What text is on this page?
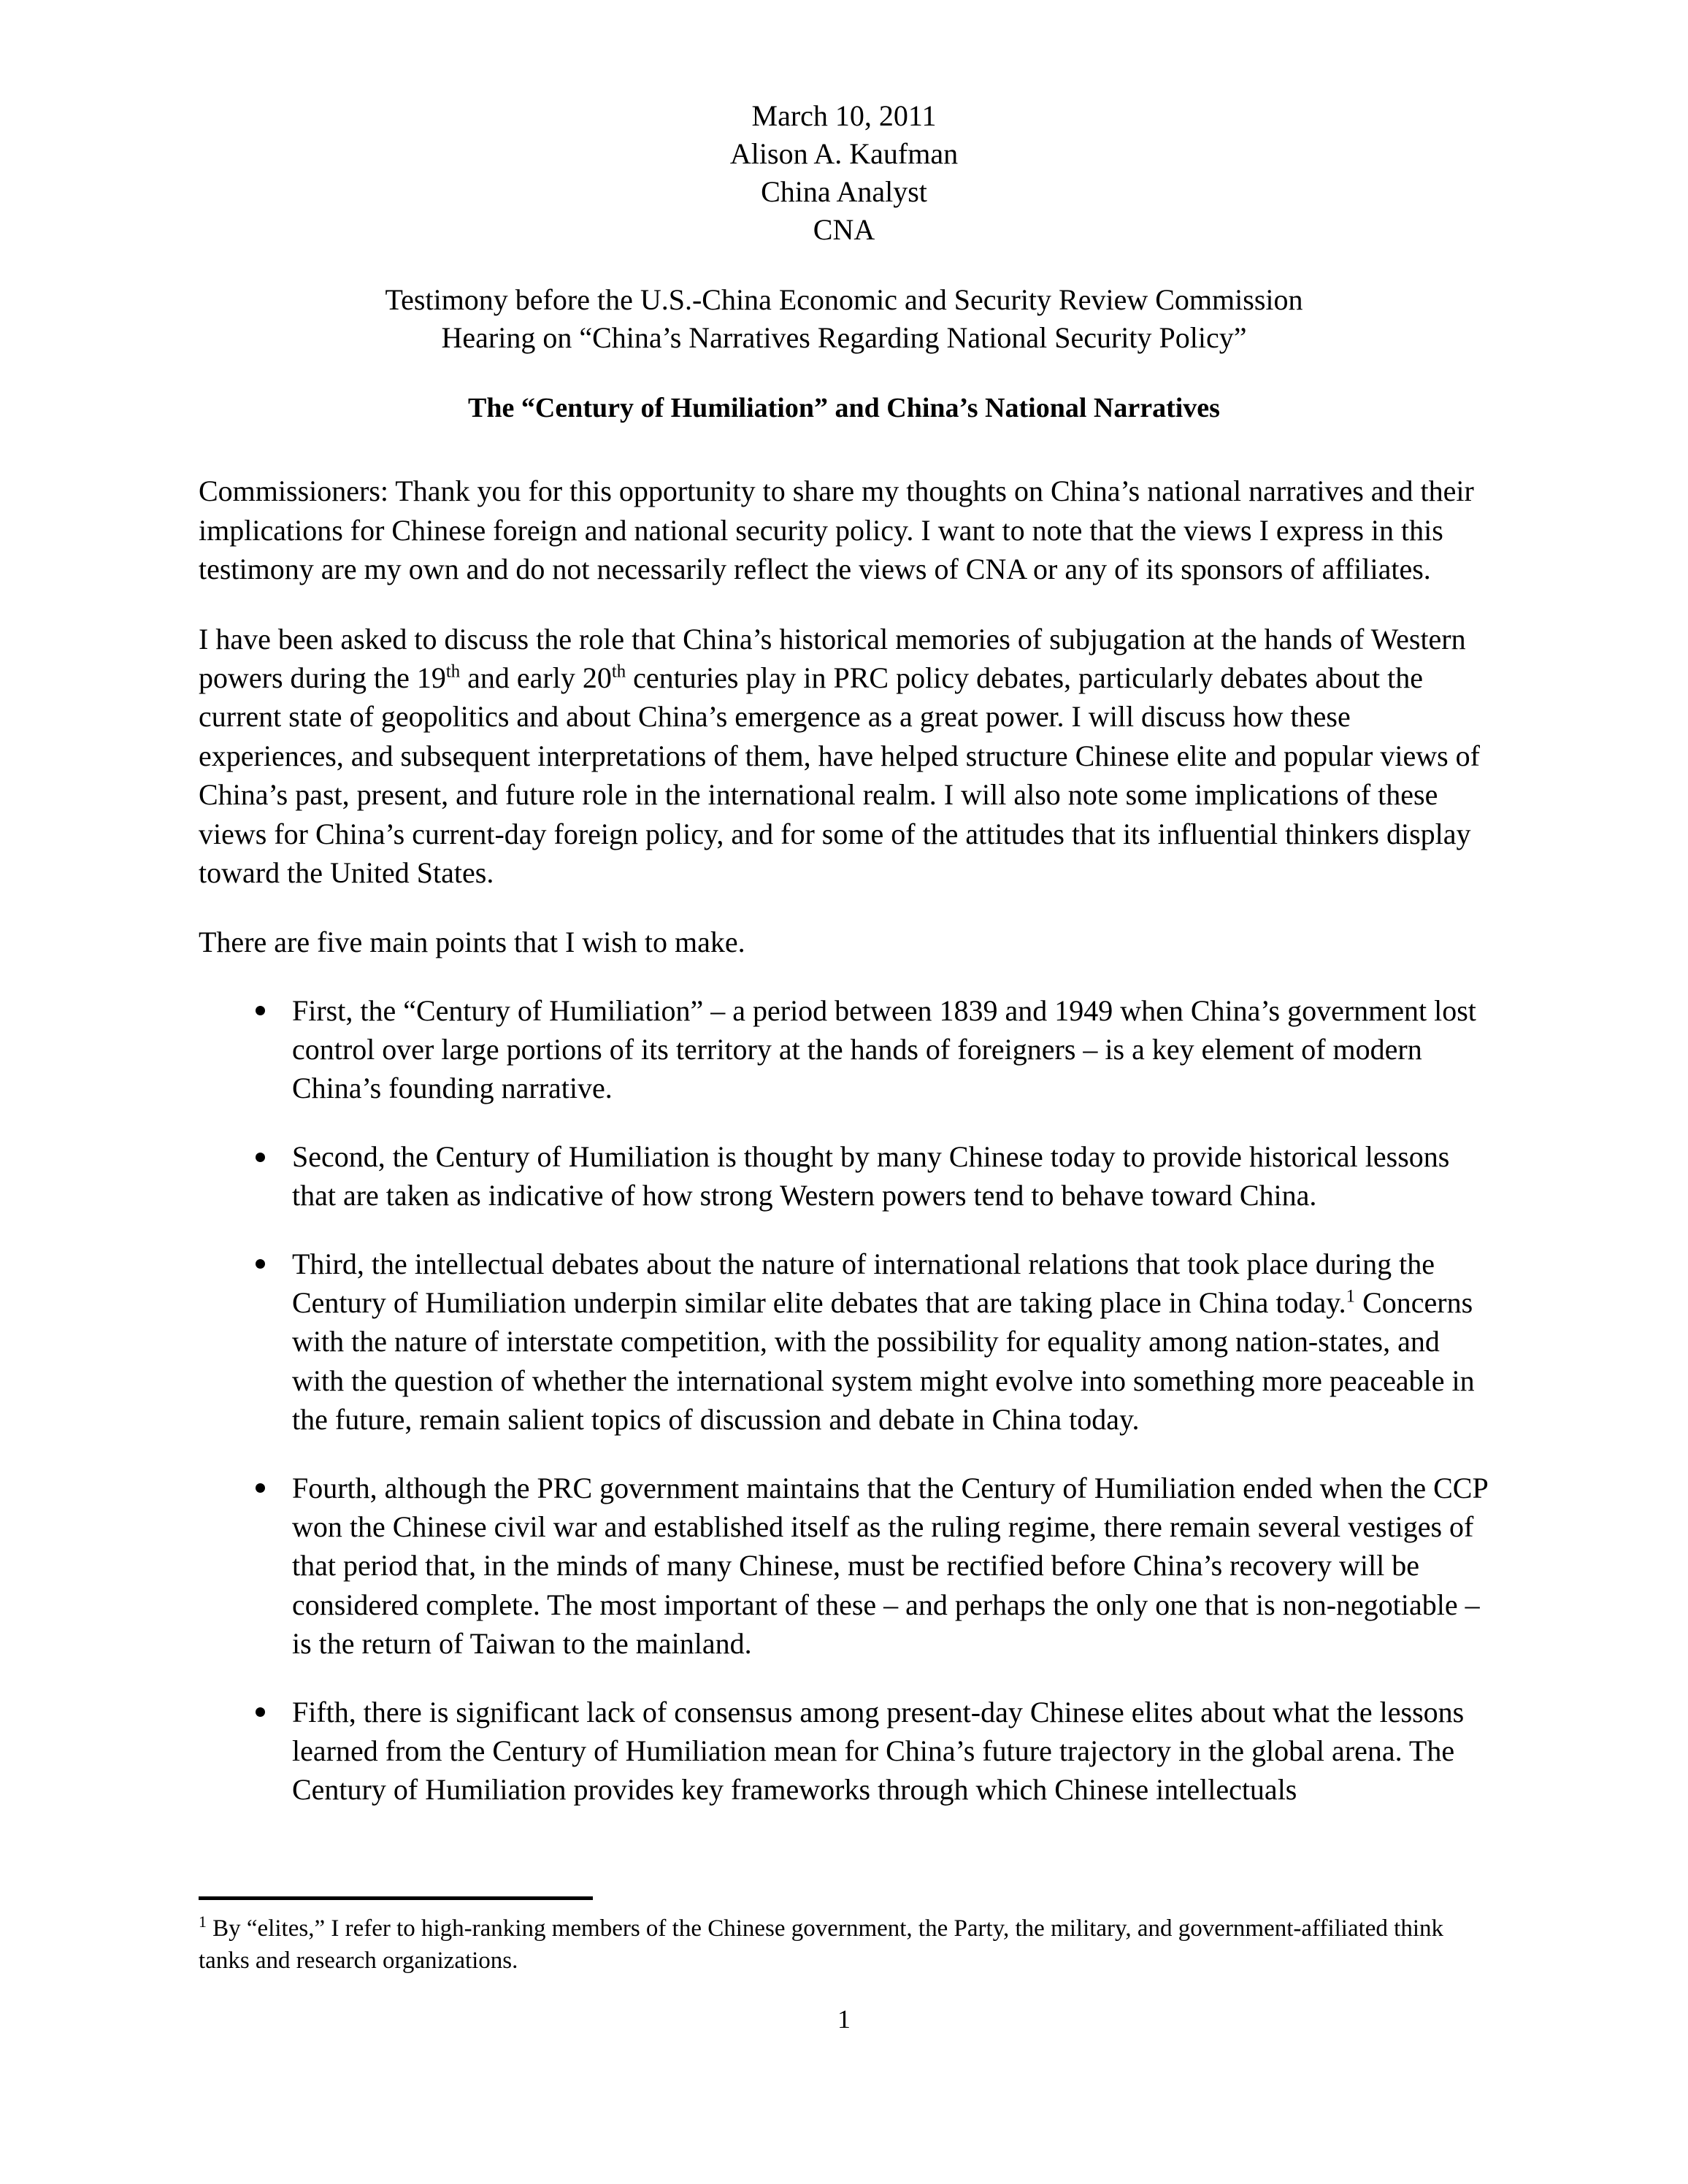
March 10, 2011
Alison A. Kaufman
China Analyst
CNA
Testimony before the U.S.-China Economic and Security Review Commission
Hearing on “China’s Narratives Regarding National Security Policy”
The “Century of Humiliation” and China’s National Narratives

Commissioners: Thank you for this opportunity to share my thoughts on China’s national narratives and their implications for Chinese foreign and national security policy. I want to note that the views I express in this testimony are my own and do not necessarily reflect the views of CNA or any of its sponsors of affiliates.

I have been asked to discuss the role that China’s historical memories of subjugation at the hands of Western powers during the 19th and early 20th centuries play in PRC policy debates, particularly debates about the current state of geopolitics and about China’s emergence as a great power. I will discuss how these experiences, and subsequent interpretations of them, have helped structure Chinese elite and popular views of China’s past, present, and future role in the international realm. I will also note some implications of these views for China’s current-day foreign policy, and for some of the attitudes that its influential thinkers display toward the United States.

There are five main points that I wish to make.

First, the “Century of Humiliation” – a period between 1839 and 1949 when China’s government lost control over large portions of its territory at the hands of foreigners – is a key element of modern China’s founding narrative.
Second, the Century of Humiliation is thought by many Chinese today to provide historical lessons that are taken as indicative of how strong Western powers tend to behave toward China.
Third, the intellectual debates about the nature of international relations that took place during the Century of Humiliation underpin similar elite debates that are taking place in China today.$^1$ Concerns with the nature of interstate competition, with the possibility for equality among nation-states, and with the question of whether the international system might evolve into something more peaceable in the future, remain salient topics of discussion and debate in China today.
Fourth, although the PRC government maintains that the Century of Humiliation ended when the CCP won the Chinese civil war and established itself as the ruling regime, there remain several vestiges of that period that, in the minds of many Chinese, must be rectified before China’s recovery will be considered complete. The most important of these – and perhaps the only one that is non-negotiable – is the return of Taiwan to the mainland.
Fifth, there is significant lack of consensus among present-day Chinese elites about what the lessons learned from the Century of Humiliation mean for China’s future trajectory in the global arena. The Century of Humiliation provides key frameworks through which Chinese intellectuals

$^1$ By “elites,” I refer to high-ranking members of the Chinese government, the Party, the military, and government-affiliated think tanks and research organizations.

1
